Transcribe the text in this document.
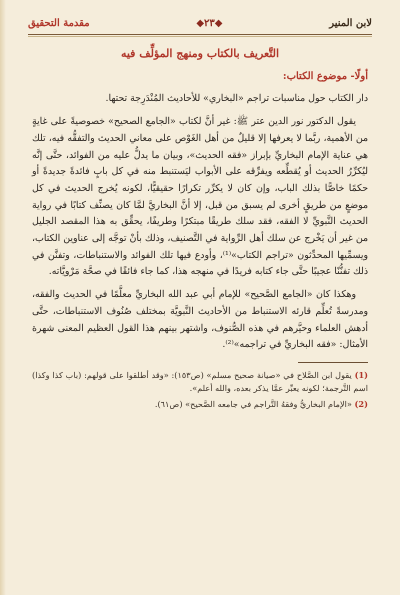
لابن المنير
◆٢٣◆
مقدمة التحقيق
التَّعريف بالكتاب ومنهج المؤلِّف فيه
أولًا- موضوع الكتاب:

دار الكتاب حول مناسبات تراجم «البخاري» للأحاديث المُنْدَرِجة تحتها.

يقول الدكتور نور الدين عتر ﷺ: غير أنَّ لكتاب «الجامع الصحيح» خصوصيةً على غايةٍ من الأهمية، ربَّما لا يعرفها إلا قليلٌ من أهل الغَوْص على معاني الحديث والتفقُّه فيه، تلك هي عناية الإمام البخاريِّ بإبراز «فقه الحديث»، وبيان ما يدلُّ عليه من الفوائد، حتَّى إنَّه ليُكرِّرُ الحديث أو يُقطِّعه ويفرِّقه على الأبواب ليَستنبط منه في كل بابٍ فائدةً جديدةً أو حكمًا خاصًّا بذلك الباب، وإن كان لا يكرِّر تكرارًا حقيقيًّا، لكونه يُخرج الحديث في كل موضعٍ من طريقٍ أخرى لم يسبق من قبل، إلا أنَّ البخاريَّ لمَّا كان يصنِّف كتابًا في رواية الحديث النَّبويِّ لا الفقه، فقد سلك طريقًا مبتكرًا وطريفًا، يحقِّق به هذا المقصد الجليل من غير أن يَخْرج عن سلك أهل الرِّواية في التَّصنيف، وذلك بأنْ توجَّه إلى عناوين الكتاب، ويسمِّيها المحدِّثون «تراجم الكتاب»⁽¹⁾، وأودع فيها تلك الفوائد والاستنباطات، وتفنَّن في ذلك تفنُّنًا عجيبًا حتَّى جاء كتابه فريدًا في منهجه هذا، كما جاء فائقًا في صحَّة مَرْويَّاته.

وهكذا كان «الجامع الصَّحيح» للإمام أبي عبد الله البخاريِّ معلَّمًا في الحديث والفقه، ومدرسةً تُعلِّم قارئه الاستنباط من الأحاديث النَّبويَّة بمختلف صُنُوف الاستنباطات، حتَّى أدهش العلماء وحيَّرهم في هذه الصُّنوف، واشتهر بينهم هذا القول العظيم المعنى شهرة الأمثال: «فقه البخاريِّ في تراجمه»⁽²⁾.

(1) يقول ابن الصَّلاح في «صيانة صحيح مسلم» (ص١٥٣): «وقد أطلقوا على قولهم: (باب كذا وكذا) اسم التَّرجمة؛ لكونه يعبِّر عمَّا يذكر بعده، والله أعلم».

(2) «الإمام البخاريُّ وفقهُ التَّراجم في جامعه الصَّحيح» (ص٦١).
